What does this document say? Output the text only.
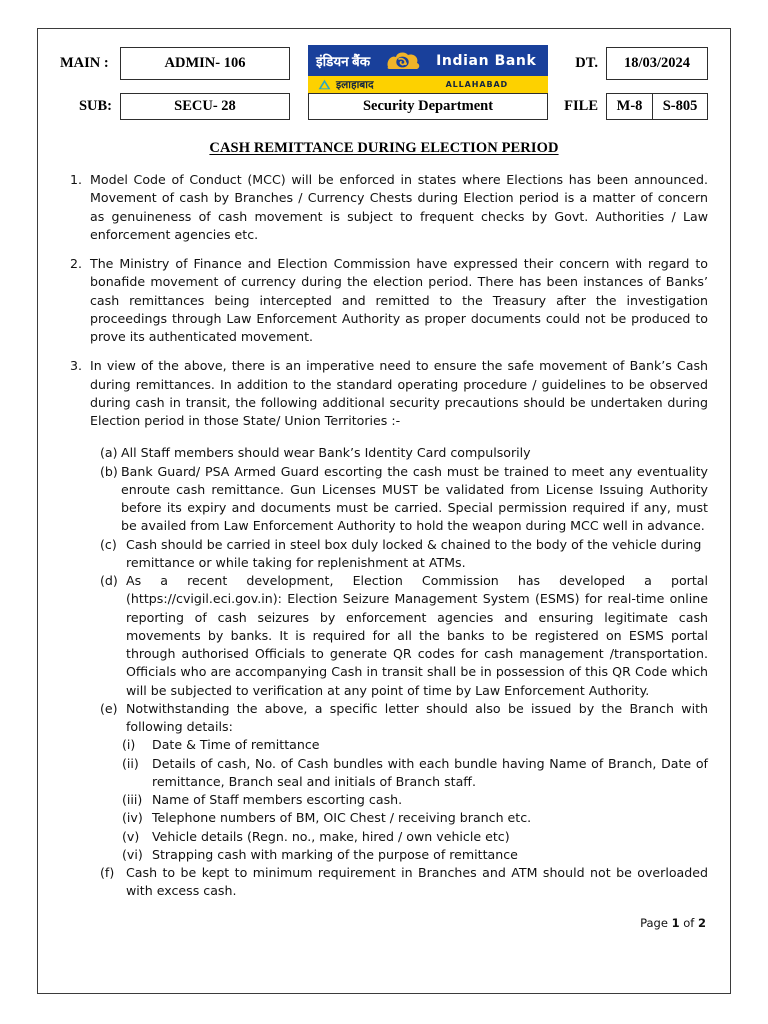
MAIN :	ADMIN- 106	इंडियन बैंक Indian Bank
इलाहाबाद ALLAHABAD	DT.	18/03/2024

SUB:	SECU- 28	Security Department	FILE	M-8 S-805
CASH REMITTANCE DURING ELECTION PERIOD
1. Model Code of Conduct (MCC) will be enforced in states where Elections has been announced. Movement of cash by Branches / Currency Chests during Election period is a matter of concern as genuineness of cash movement is subject to frequent checks by Govt. Authorities / Law enforcement agencies etc.
2. The Ministry of Finance and Election Commission have expressed their concern with regard to bonafide movement of currency during the election period. There has been instances of Banks’ cash remittances being intercepted and remitted to the Treasury after the investigation proceedings through Law Enforcement Authority as proper documents could not be produced to prove its authenticated movement.
3. In view of the above, there is an imperative need to ensure the safe movement of Bank’s Cash during remittances. In addition to the standard operating procedure / guidelines to be observed during cash in transit, the following additional security precautions should be undertaken during Election period in those State/ Union Territories :-
(a) All Staff members should wear Bank’s Identity Card compulsorily
(b) Bank Guard/ PSA Armed Guard escorting the cash must be trained to meet any eventuality enroute cash remittance. Gun Licenses MUST be validated from License Issuing Authority before its expiry and documents must be carried. Special permission required if any, must be availed from Law Enforcement Authority to hold the weapon during MCC well in advance.
(c) Cash should be carried in steel box duly locked & chained to the body of the vehicle during remittance or while taking for replenishment at ATMs.
(d) As a recent development, Election Commission has developed a portal (https://cvigil.eci.gov.in): Election Seizure Management System (ESMS) for real-time online reporting of cash seizures by enforcement agencies and ensuring legitimate cash movements by banks. It is required for all the banks to be registered on ESMS portal through authorised Officials to generate QR codes for cash management /transportation. Officials who are accompanying Cash in transit shall be in possession of this QR Code which will be subjected to verification at any point of time by Law Enforcement Authority.
(e) Notwithstanding the above, a specific letter should also be issued by the Branch with following details:
(i)	Date & Time of remittance
(ii)	Details of cash, No. of Cash bundles with each bundle having Name of Branch, Date of remittance, Branch seal and initials of Branch staff.
(iii) Name of Staff members escorting cash.
(iv) Telephone numbers of BM, OIC Chest / receiving branch etc.
(v)	Vehicle details (Regn. no., make, hired / own vehicle etc)
(vi) Strapping cash with marking of the purpose of remittance
(f) Cash to be kept to minimum requirement in Branches and ATM should not be overloaded with excess cash.
Page 1 of 2
